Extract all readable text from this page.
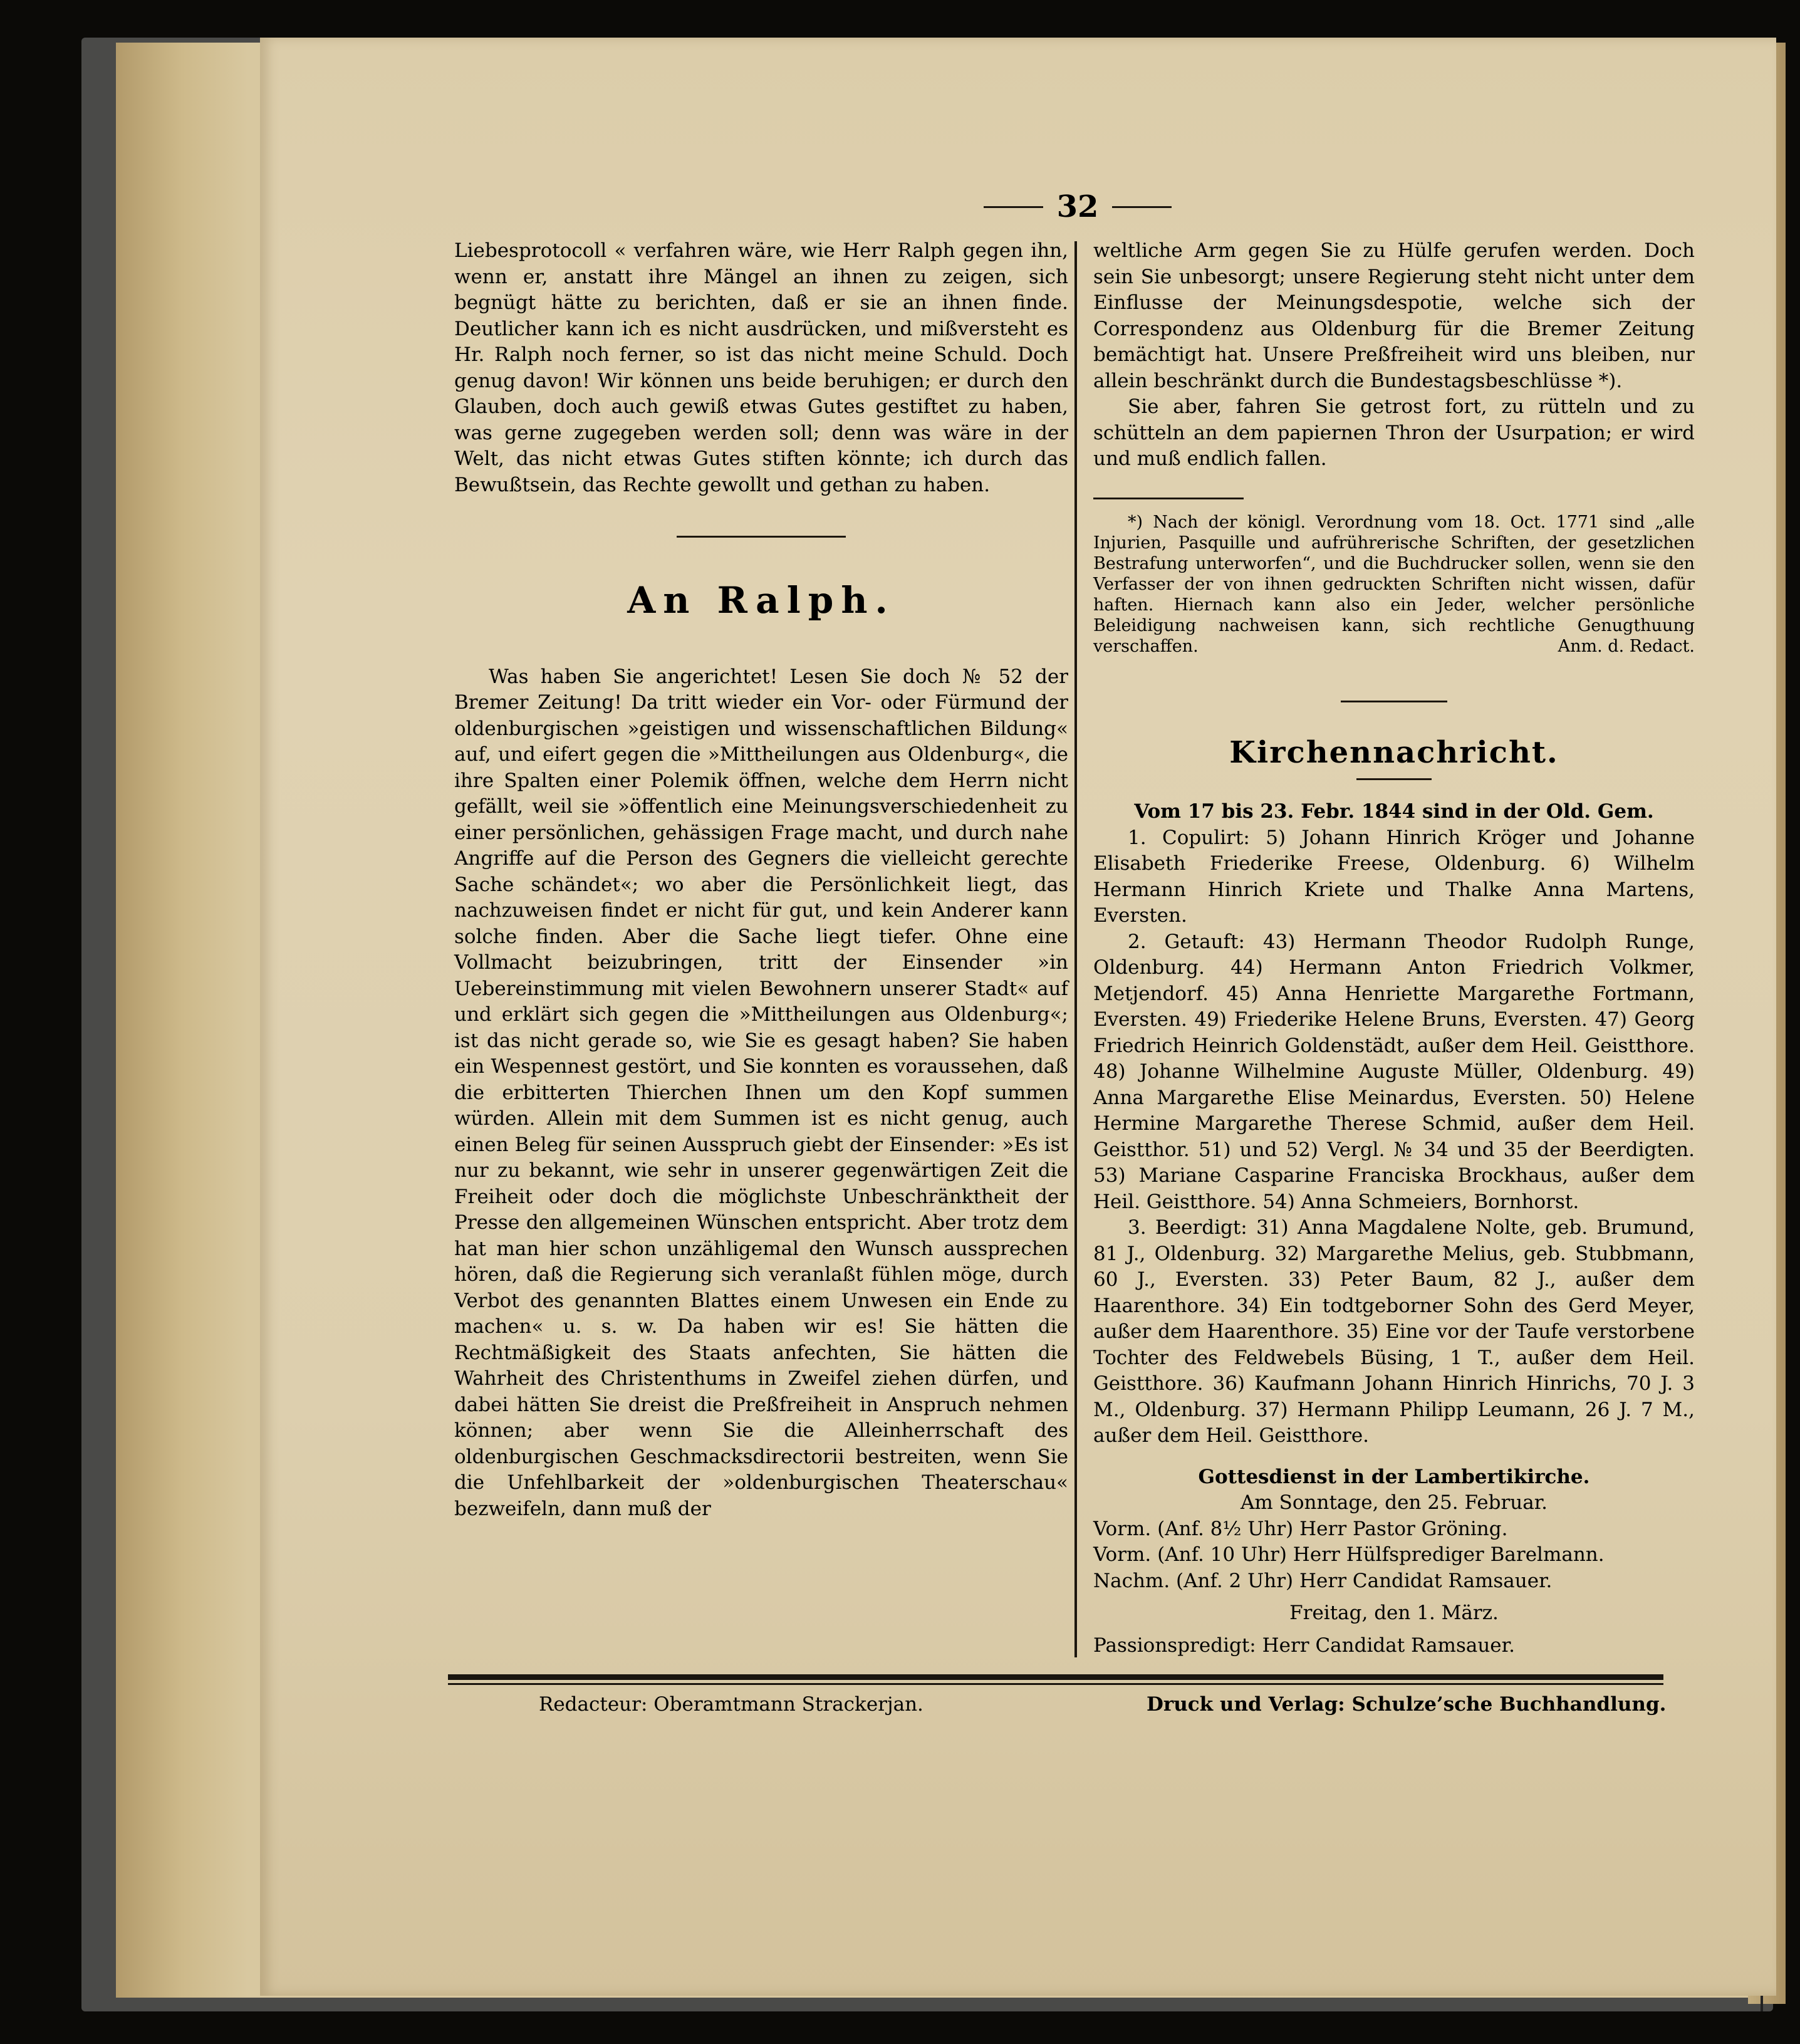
32

Liebesprotocoll « verfahren wäre, wie Herr Ralph gegen ihn, wenn er, anstatt ihre Mängel an ihnen zu zeigen, sich begnügt hätte zu berichten, daß er sie an ihnen finde. Deutlicher kann ich es nicht ausdrücken, und mißversteht es Hr. Ralph noch ferner, so ist das nicht meine Schuld. Doch genug davon! Wir können uns beide beruhigen; er durch den Glauben, doch auch gewiß etwas Gutes gestiftet zu haben, was gerne zugegeben werden soll; denn was wäre in der Welt, das nicht etwas Gutes stiften könnte; ich durch das Bewußtsein, das Rechte gewollt und gethan zu haben.

An Ralph.

Was haben Sie angerichtet! Lesen Sie doch № 52 der Bremer Zeitung! Da tritt wieder ein Vor- oder Fürmund der oldenburgischen »geistigen und wissenschaftlichen Bildung« auf, und eifert gegen die »Mittheilungen aus Oldenburg«, die ihre Spalten einer Polemik öffnen, welche dem Herrn nicht gefällt, weil sie »öffentlich eine Meinungsverschiedenheit zu einer persönlichen, gehässigen Frage macht, und durch nahe Angriffe auf die Person des Gegners die vielleicht gerechte Sache schändet«; wo aber die Persönlichkeit liegt, das nachzuweisen findet er nicht für gut, und kein Anderer kann solche finden. Aber die Sache liegt tiefer. Ohne eine Vollmacht beizubringen, tritt der Einsender »in Uebereinstimmung mit vielen Bewohnern unserer Stadt« auf und erklärt sich gegen die »Mittheilungen aus Oldenburg«; ist das nicht gerade so, wie Sie es gesagt haben? Sie haben ein Wespennest gestört, und Sie konnten es voraussehen, daß die erbitterten Thierchen Ihnen um den Kopf summen würden. Allein mit dem Summen ist es nicht genug, auch einen Beleg für seinen Ausspruch giebt der Einsender: »Es ist nur zu bekannt, wie sehr in unserer gegenwärtigen Zeit die Freiheit oder doch die möglichste Unbeschränktheit der Presse den allgemeinen Wünschen entspricht. Aber trotz dem hat man hier schon unzähligemal den Wunsch aussprechen hören, daß die Regierung sich veranlaßt fühlen möge, durch Verbot des genannten Blattes einem Unwesen ein Ende zu machen« u. s. w. Da haben wir es! Sie hätten die Rechtmäßigkeit des Staats anfechten, Sie hätten die Wahrheit des Christenthums in Zweifel ziehen dürfen, und dabei hätten Sie dreist die Preßfreiheit in Anspruch nehmen können; aber wenn Sie die Alleinherrschaft des oldenburgischen Geschmacksdirectorii bestreiten, wenn Sie die Unfehlbarkeit der »oldenburgischen Theaterschau« bezweifeln, dann muß der

weltliche Arm gegen Sie zu Hülfe gerufen werden. Doch sein Sie unbesorgt; unsere Regierung steht nicht unter dem Einflusse der Meinungsdespotie, welche sich der Correspondenz aus Oldenburg für die Bremer Zeitung bemächtigt hat. Unsere Preßfreiheit wird uns bleiben, nur allein beschränkt durch die Bundestagsbeschlüsse *).

Sie aber, fahren Sie getrost fort, zu rütteln und zu schütteln an dem papiernen Thron der Usurpation; er wird und muß endlich fallen.

*) Nach der königl. Verordnung vom 18. Oct. 1771 sind „alle Injurien, Pasquille und aufrührerische Schriften, der gesetzlichen Bestrafung unterworfen“, und die Buchdrucker sollen, wenn sie den Verfasser der von ihnen gedruckten Schriften nicht wissen, dafür haften. Hiernach kann also ein Jeder, welcher persönliche Beleidigung nachweisen kann, sich rechtliche Genugthuung verschaffen.	Anm. d. Redact.

Kirchennachricht.

Vom 17 bis 23. Febr. 1844 sind in der Old. Gem.

1. Copulirt: 5) Johann Hinrich Kröger und Johanne Elisabeth Friederike Freese, Oldenburg. 6) Wilhelm Hermann Hinrich Kriete und Thalke Anna Martens, Eversten.

2. Getauft: 43) Hermann Theodor Rudolph Runge, Oldenburg. 44) Hermann Anton Friedrich Volkmer, Metjendorf. 45) Anna Henriette Margarethe Fortmann, Eversten. 49) Friederike Helene Bruns, Eversten. 47) Georg Friedrich Heinrich Goldenstädt, außer dem Heil. Geistthore. 48) Johanne Wilhelmine Auguste Müller, Oldenburg. 49) Anna Margarethe Elise Meinardus, Eversten. 50) Helene Hermine Margarethe Therese Schmid, außer dem Heil. Geistthor. 51) und 52) Vergl. № 34 und 35 der Beerdigten. 53) Mariane Casparine Franciska Brockhaus, außer dem Heil. Geistthore. 54) Anna Schmeiers, Bornhorst.

3. Beerdigt: 31) Anna Magdalene Nolte, geb. Brumund, 81 J., Oldenburg. 32) Margarethe Melius, geb. Stubbmann, 60 J., Eversten. 33) Peter Baum, 82 J., außer dem Haarenthore. 34) Ein todtgeborner Sohn des Gerd Meyer, außer dem Haarenthore. 35) Eine vor der Taufe verstorbene Tochter des Feldwebels Büsing, 1 T., außer dem Heil. Geistthore. 36) Kaufmann Johann Hinrich Hinrichs, 70 J. 3 M., Oldenburg. 37) Hermann Philipp Leumann, 26 J. 7 M., außer dem Heil. Geistthore.

Gottesdienst in der Lambertikirche.
Am Sonntage, den 25. Februar.

Vorm. (Anf. 8½ Uhr) Herr Pastor Gröning.

Vorm. (Anf. 10 Uhr) Herr Hülfsprediger Barelmann.

Nachm. (Anf. 2 Uhr) Herr Candidat Ramsauer.

Freitag, den 1. März.
Passionspredigt: Herr Candidat Ramsauer.
Redacteur: Oberamtmann Strackerjan.	Druck und Verlag: Schulze’sche Buchhandlung.
